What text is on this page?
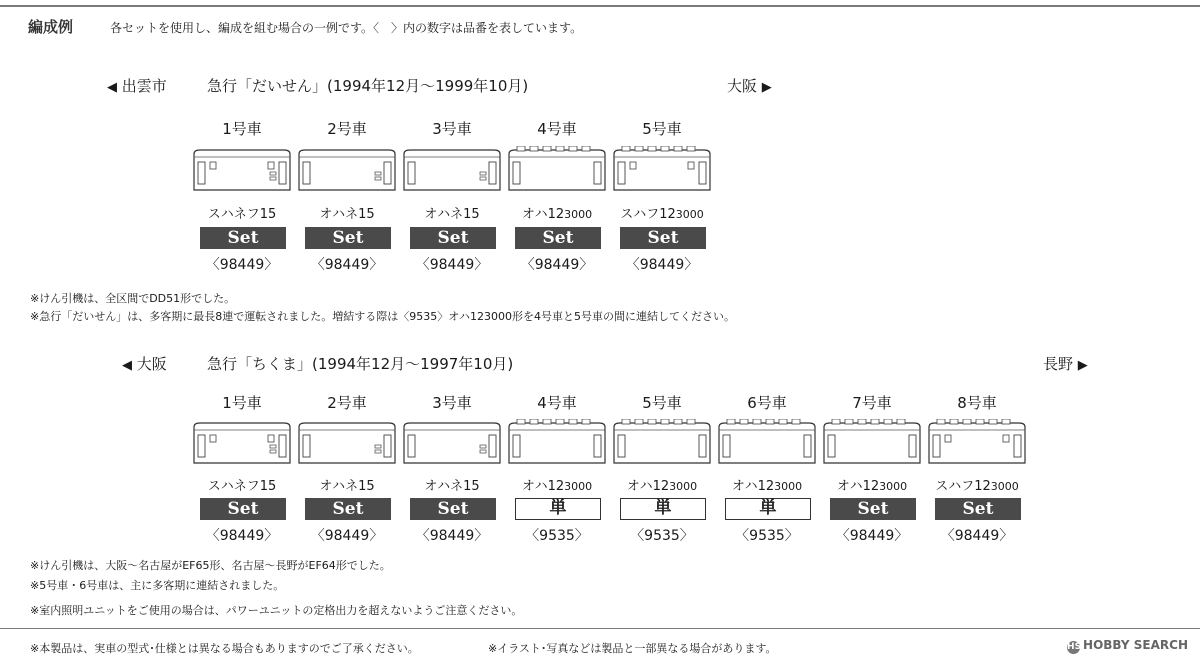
編成例	各セットを使用し、編成を組む場合の一例です。〈　〉内の数字は品番を表しています。
◀ 出雲市	急行「だいせん」(1994年12月〜1999年10月)	大阪 ▶
1号車
スハネフ15
Set
〈98449〉
2号車
オハネ15
Set
〈98449〉
3号車
オハネ15
Set
〈98449〉
4号車
オハ123000
Set
〈98449〉
5号車
スハフ123000
Set
〈98449〉
※けん引機は、全区間でDD51形でした。
※急行「だいせん」は、多客期に最長8連で運転されました。増結する際は〈9535〉オハ123000形を4号車と5号車の間に連結してください。
◀ 大阪	急行「ちくま」(1994年12月〜1997年10月)	長野 ▶
1号車
スハネフ15
Set
〈98449〉
2号車
オハネ15
Set
〈98449〉
3号車
オハネ15
Set
〈98449〉
4号車
オハ123000
単
〈9535〉
5号車
オハ123000
単
〈9535〉
6号車
オハ123000
単
〈9535〉
7号車
オハ123000
Set
〈98449〉
8号車
スハフ123000
Set
〈98449〉
※けん引機は、大阪〜名古屋がEF65形、名古屋〜長野がEF64形でした。
※5号車・6号車は、主に多客期に連結されました。
※室内照明ユニットをご使用の場合は、パワーユニットの定格出力を超えないようご注意ください。
※本製品は、実車の型式･仕様とは異なる場合もありますのでご了承ください。	※イラスト･写真などは製品と一部異なる場合があります。	HS HOBBY SEARCH
